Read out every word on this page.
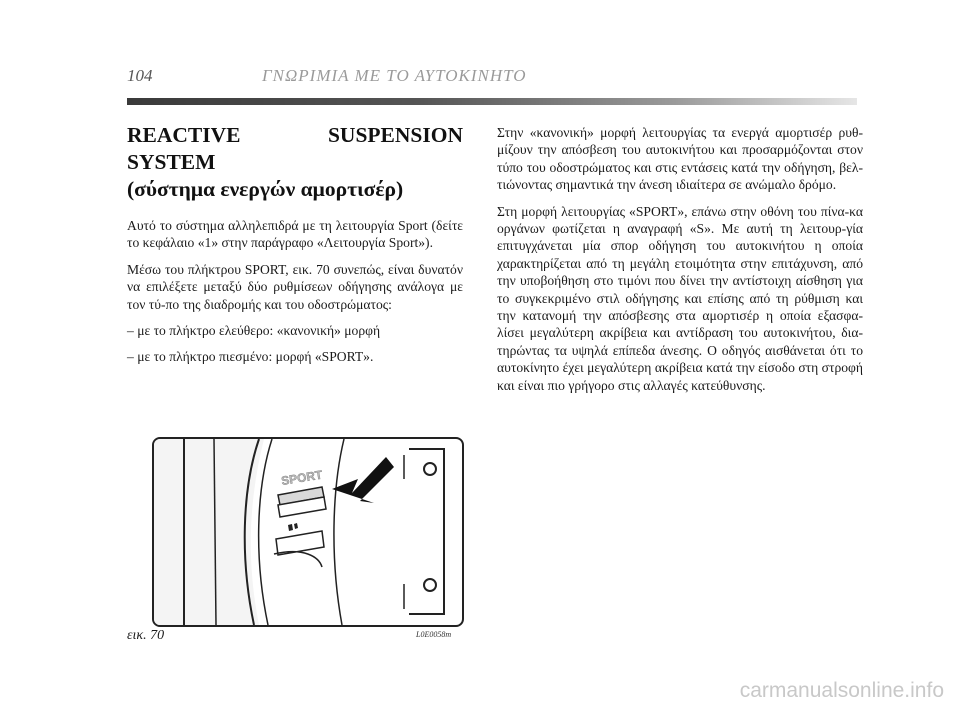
104	ΓΝΩΡΙΜΙΑ ΜΕ ΤΟ ΑΥΤΟΚΙΝΗΤΟ
REACTIVE SUSPENSION SYSTEM
(σύστημα ενεργών αμορτισέρ)

Αυτό το σύστημα αλληλεπιδρά με τη λειτουργία Sport (δείτε το κεφάλαιο «1» στην παράγραφο «Λειτουργία Sport»).

Μέσω του πλήκτρου SPORT, εικ. 70 συνεπώς, είναι δυνατόν να επιλέξετε μεταξύ δύο ρυθμίσεων οδήγησης ανάλογα με τον τύ-πο της διαδρομής και του οδοστρώματος:

– με το πλήκτρο ελεύθερο: «κανονική» μορφή

– με το πλήκτρο πιεσμένο: μορφή «SPORT».

Στην «κανονική» μορφή λειτουργίας τα ενεργά αμορτισέρ ρυθ-μίζουν την απόσβεση του αυτοκινήτου και προσαρμόζονται στον τύπο του οδοστρώματος και στις εντάσεις κατά την οδήγηση, βελ-τιώνοντας σημαντικά την άνεση ιδιαίτερα σε ανώμαλο δρόμο.

Στη μορφή λειτουργίας «SPORT», επάνω στην οθόνη του πίνα-κα οργάνων φωτίζεται η αναγραφή «S». Με αυτή τη λειτουρ-γία επιτυγχάνεται μία σπορ οδήγηση του αυτοκινήτου η οποία χαρακτηρίζεται από τη μεγάλη ετοιμότητα στην επιτάχυνση, από την υποβοήθηση στο τιμόνι που δίνει την αντίστοιχη αίσθηση για το συγκεκριμένο στιλ οδήγησης και επίσης από τη ρύθμιση και την κατανομή την απόσβεσης στα αμορτισέρ η οποία εξασφα-λίσει μεγαλύτερη ακρίβεια και αντίδραση του αυτοκινήτου, δια-τηρώντας τα υψηλά επίπεδα άνεσης. Ο οδηγός αισθάνεται ότι το αυτοκίνητο έχει μεγαλύτερη ακρίβεια κατά την είσοδο στη στροφή και είναι πιο γρήγορο στις αλλαγές κατεύθυνσης.

SPORT
εικ. 70	L0E0058m
carmanualsonline.info
